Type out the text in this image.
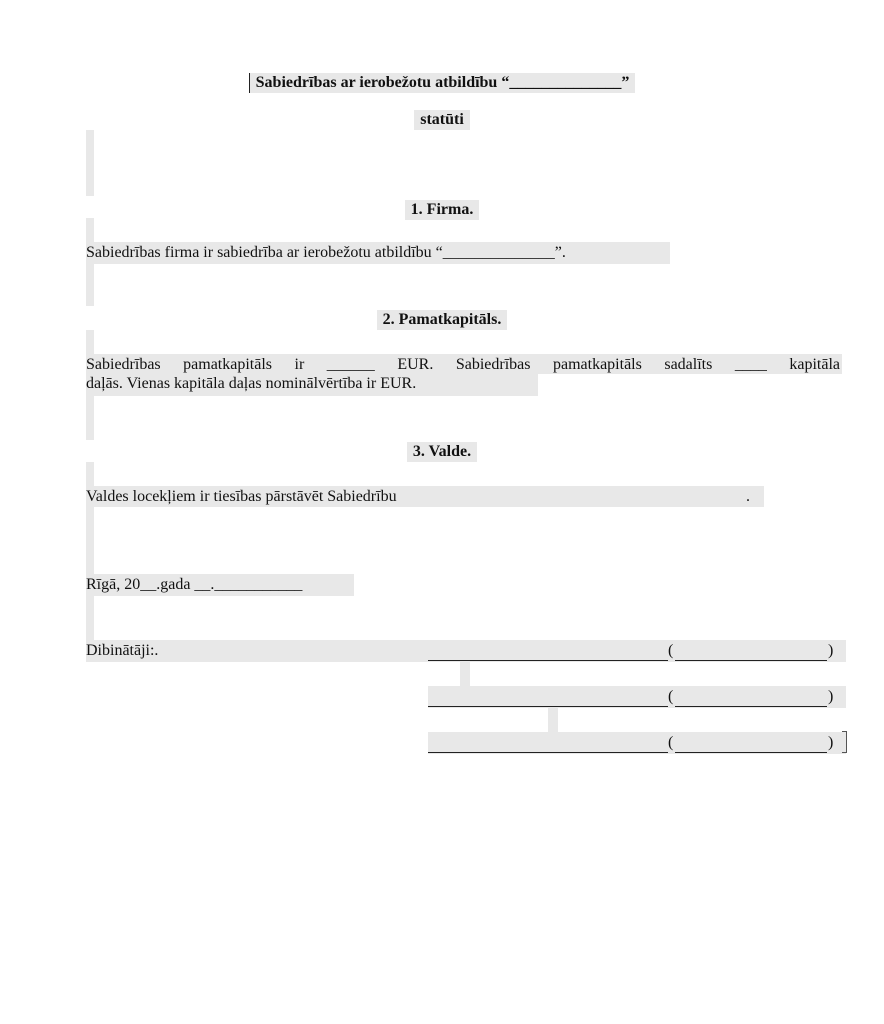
Sabiedrības ar ierobežotu atbildību “______________”
statūti
1. Firma.
Sabiedrības firma ir sabiedrība ar ierobežotu atbildību “______________”.
2. Pamatkapitāls.
Sabiedrības pamatkapitāls ir ______ EUR. Sabiedrības pamatkapitāls sadalīts ____ kapitāla
daļās. Vienas kapitāla daļas nominālvērtība ir EUR.
3. Valde.
Valdes locekļiem ir tiesības pārstāvēt Sabiedrību	.
Rīgā, 20__.gada __.___________
Dibinātāji:.	(	)
(	)
(	)
